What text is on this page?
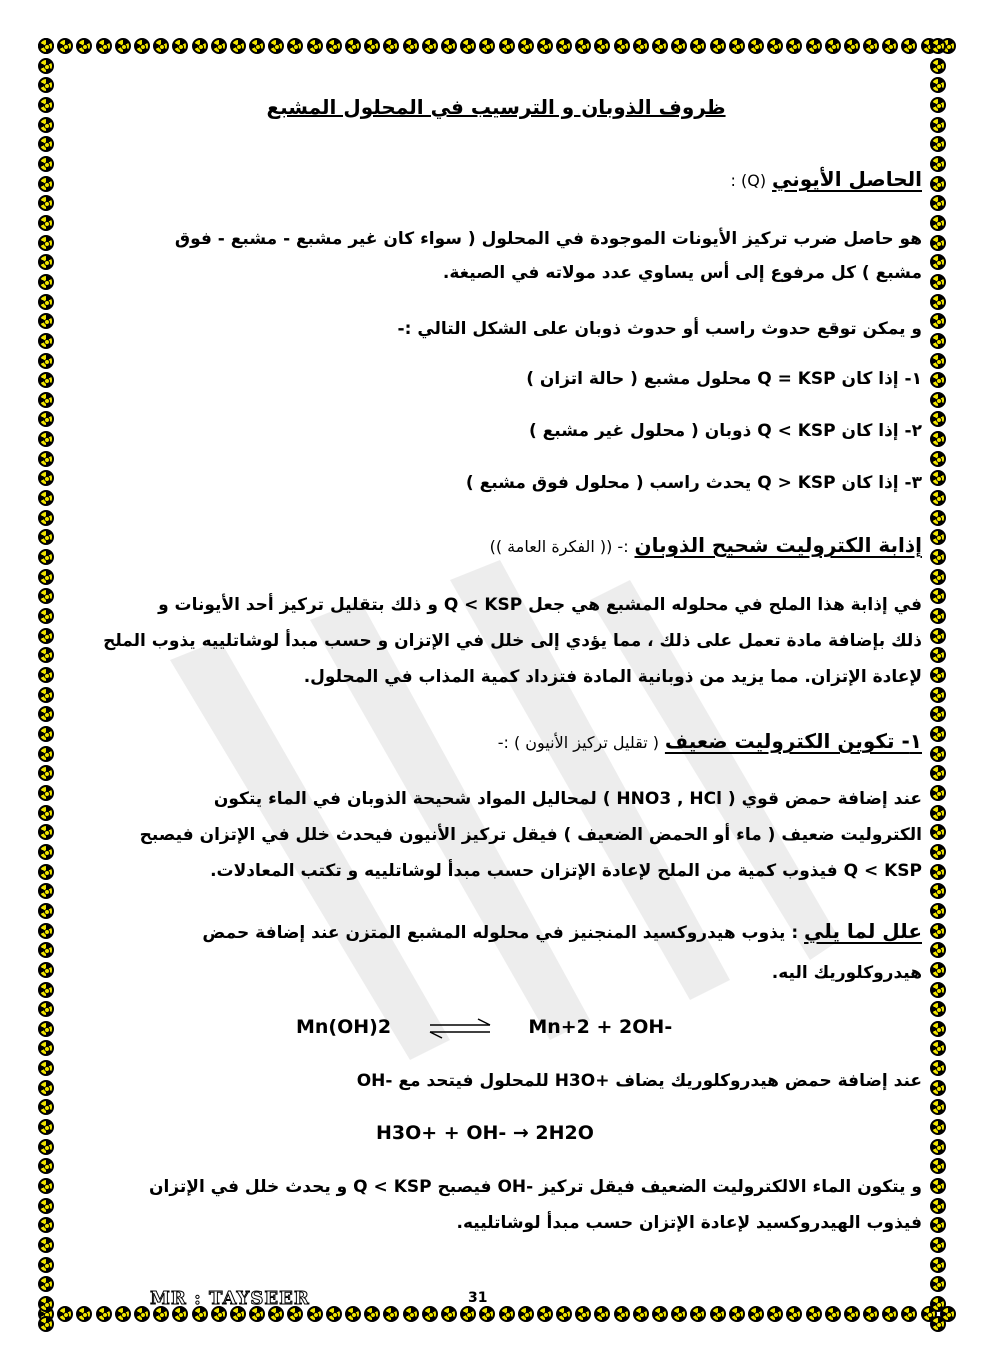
ظروف الذوبان و الترسيب في المحلول المشبع
الحاصل الأيوني (Q) :
هو حاصل ضرب تركيز الأيونات الموجودة في المحلول ( سواء كان غير مشبع - مشبع - فوق
مشبع ) كل مرفوع إلى أس يساوي عدد مولاته في الصيغة.
و يمكن توقع حدوث راسب أو حدوث ذوبان على الشكل التالي :-
١- إذا كان Q = KSP محلول مشبع ( حالة اتزان )
٢- إذا كان Q < KSP ذوبان ( محلول غير مشبع )
٣- إذا كان Q > KSP يحدث راسب ( محلول فوق مشبع )
إذابة الكتروليت شحيح الذوبان :- (( الفكرة العامة ))
في إذابة هذا الملح في محلوله المشبع هي جعل Q < KSP و ذلك بتقليل تركيز أحد الأيونات و
ذلك بإضافة مادة تعمل على ذلك ، مما يؤدي إلى خلل في الإتزان و حسب مبدأ لوشاتلييه يذوب الملح
لإعادة الإتزان. مما يزيد من ذوبانية المادة فتزداد كمية المذاب في المحلول.
١- تكوين الكتروليت ضعيف ( تقليل تركيز الأنيون ) :-
عند إضافة حمض قوي ( HNO3 , HCl ) لمحاليل المواد شحيحة الذوبان في الماء يتكون
الكتروليت ضعيف ( ماء أو الحمض الضعيف ) فيقل تركيز الأنيون فيحدث خلل في الإتزان فيصبح
Q < KSP فيذوب كمية من الملح لإعادة الإتزان حسب مبدأ لوشاتلييه و تكتب المعادلات.
علل لما يلي : يذوب هيدروكسيد المنجنيز في محلوله المشبع المتزن عند إضافة حمض
هيدروكلوريك اليه.
Mn(OH)2	Mn+2 + 2OH-
عند إضافة حمض هيدروكلوريك يضاف +H3O للمحلول فيتحد مع -OH
H3O+ + OH- → 2H2O
و يتكون الماء الالكتروليت الضعيف فيقل تركيز -OH فيصبح Q < KSP و يحدث خلل في الإتزان
فيذوب الهيدروكسيد لإعادة الإتزان حسب مبدأ لوشاتلييه.
MR : TAYSEER	31
